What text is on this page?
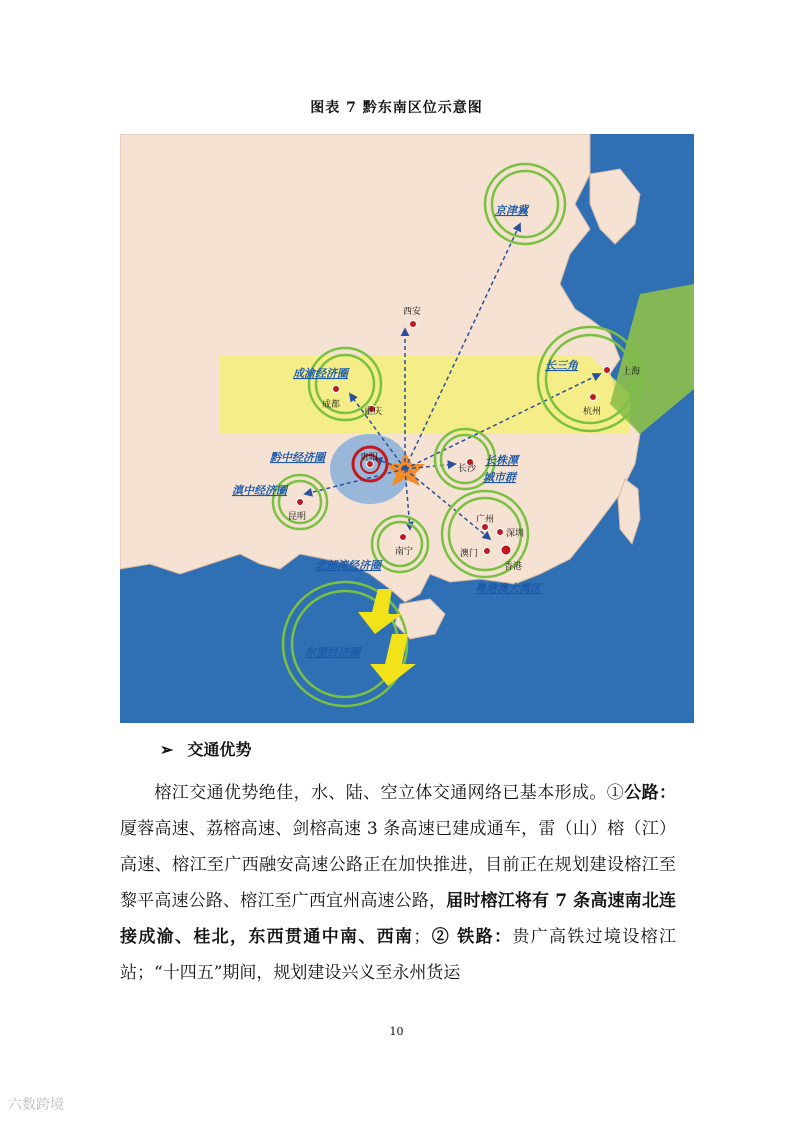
图表 7 黔东南区位示意图
西安
成都
重庆
贵阳
长沙
昆明
南宁
广州
深圳
澳门
香港
上海
杭州
京津冀
成渝经济圈
长三角
黔中经济圈
滇中经济圈
长株潭
城市群
北部湾经济圈
粤港澳大湾区
东盟经济圈
➢ 交通优势
榕江交通优势绝佳，水、陆、空立体交通网络已基本形成。①公路：厦蓉高速、荔榕高速、剑榕高速 3 条高速已建成通车，雷（山）榕（江）高速、榕江至广西融安高速公路正在加快推进，目前正在规划建设榕江至黎平高速公路、榕江至广西宜州高速公路，届时榕江将有 7 条高速南北连接成渝、桂北，东西贯通中南、西南；② 铁路：贵广高铁过境设榕江站；“十四五”期间，规划建设兴义至永州货运
10
六数跨境
